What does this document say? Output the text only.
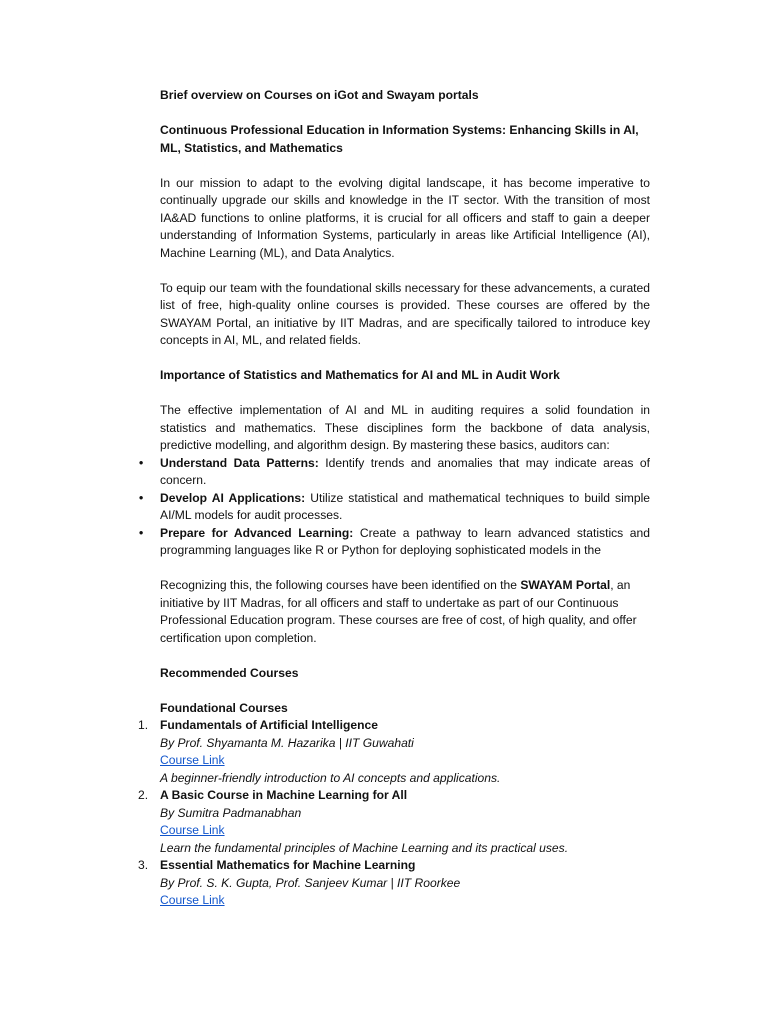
Brief overview on Courses on iGot and Swayam portals
Continuous Professional Education in Information Systems: Enhancing Skills in AI, ML, Statistics, and Mathematics
In our mission to adapt to the evolving digital landscape, it has become imperative to continually upgrade our skills and knowledge in the IT sector. With the transition of most IA&AD functions to online platforms, it is crucial for all officers and staff to gain a deeper understanding of Information Systems, particularly in areas like Artificial Intelligence (AI), Machine Learning (ML), and Data Analytics.
To equip our team with the foundational skills necessary for these advancements, a curated list of free, high-quality online courses is provided. These courses are offered by the SWAYAM Portal, an initiative by IIT Madras, and are specifically tailored to introduce key concepts in AI, ML, and related fields.
Importance of Statistics and Mathematics for AI and ML in Audit Work
The effective implementation of AI and ML in auditing requires a solid foundation in statistics and mathematics. These disciplines form the backbone of data analysis, predictive modelling, and algorithm design. By mastering these basics, auditors can:
• Understand Data Patterns: Identify trends and anomalies that may indicate areas of concern.
• Develop AI Applications: Utilize statistical and mathematical techniques to build simple AI/ML models for audit processes.
• Prepare for Advanced Learning: Create a pathway to learn advanced statistics and programming languages like R or Python for deploying sophisticated models in the
Recognizing this, the following courses have been identified on the SWAYAM Portal, an initiative by IIT Madras, for all officers and staff to undertake as part of our Continuous Professional Education program. These courses are free of cost, of high quality, and offer certification upon completion.
Recommended Courses
Foundational Courses
1. Fundamentals of Artificial Intelligence
By Prof. Shyamanta M. Hazarika | IIT Guwahati
Course Link
A beginner-friendly introduction to AI concepts and applications.
2. A Basic Course in Machine Learning for All
By Sumitra Padmanabhan
Course Link
Learn the fundamental principles of Machine Learning and its practical uses.
3. Essential Mathematics for Machine Learning
By Prof. S. K. Gupta, Prof. Sanjeev Kumar | IIT Roorkee
Course Link
